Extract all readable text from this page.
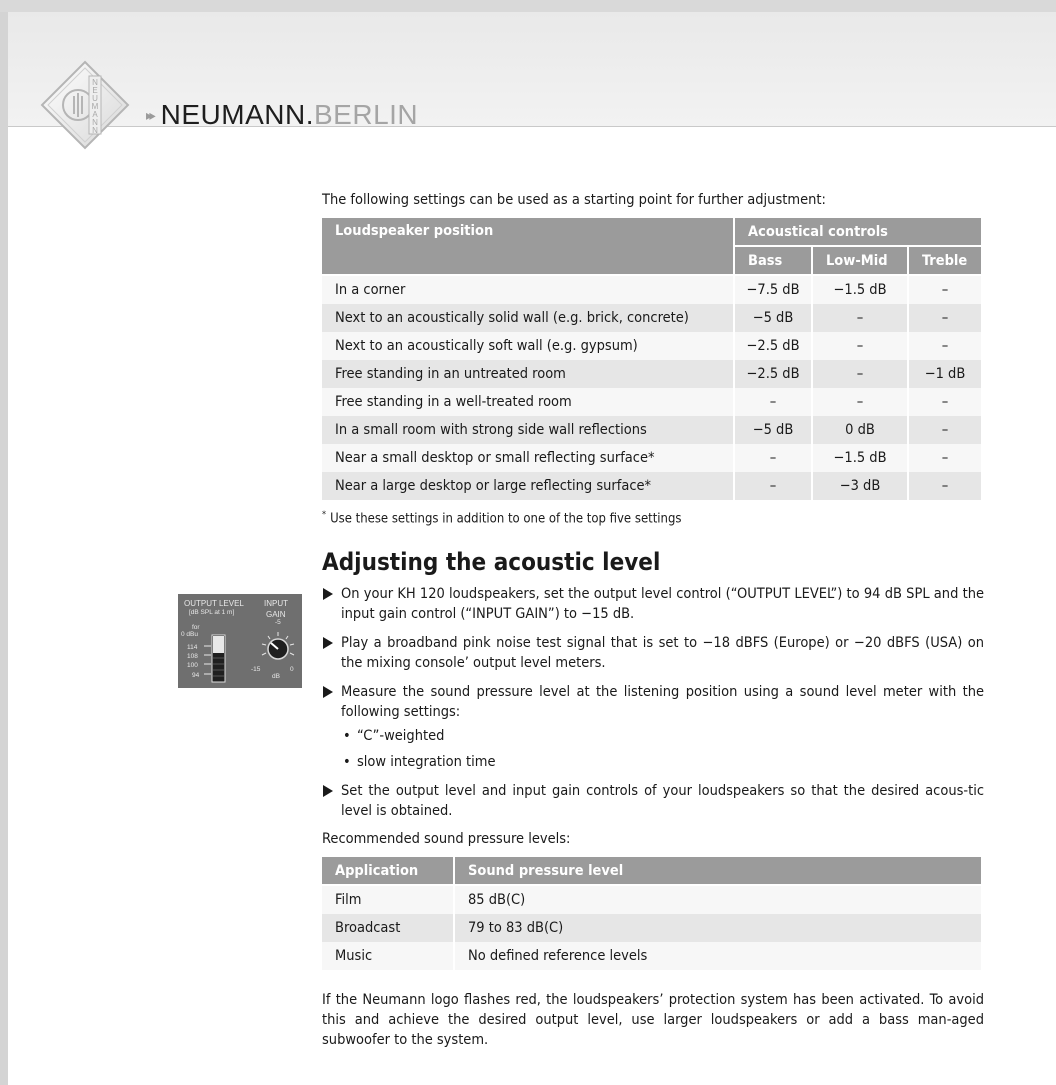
▸▸ NEUMANN.BERLIN
N
E
U
M
A
N
N
OUTPUT LEVEL
[dB SPL at 1 m]
INPUT
GAIN
for
0 dBu
114
108
100
94
-5
-15	0
dB

The following settings can be used as a starting point for further adjustment:

Loudspeaker position	Acoustical controls		
	Bass	Low-Mid	Treble

In a corner	−7.5 dB	−1.5 dB	–
Next to an acoustically solid wall (e.g. brick, concrete)	−5 dB	–	–
Next to an acoustically soft wall (e.g. gypsum)	−2.5 dB	–	–
Free standing in an untreated room	−2.5 dB	–	−1 dB
Free standing in a well-treated room	–	–	–
In a small room with strong side wall reflections	−5 dB	0 dB	–
Near a small desktop or small reflecting surface*	–	−1.5 dB	–
Near a large desktop or large reflecting surface*	–	−3 dB	–

* Use these settings in addition to one of the top five settings

Adjusting the acoustic level
On your KH 120 loudspeakers, set the output level control (“OUTPUT LEVEL”) to 94 dB SPL and the input gain control (“INPUT GAIN”) to −15 dB.
Play a broadband pink noise test signal that is set to −18 dBFS (Europe) or −20 dBFS (USA) on the mixing console’ output level meters.
Measure the sound pressure level at the listening position using a sound level meter with the following settings:
• “C”-weighted
• slow integration time
Set the output level and input gain controls of your loudspeakers so that the desired acous-tic level is obtained.

Recommended sound pressure levels:

Application	Sound pressure level

Film	85 dB(C)
Broadcast	79 to 83 dB(C)
Music	No defined reference levels

If the Neumann logo flashes red, the loudspeakers’ protection system has been activated. To avoid this and achieve the desired output level, use larger loudspeakers or add a bass man-aged subwoofer to the system.
